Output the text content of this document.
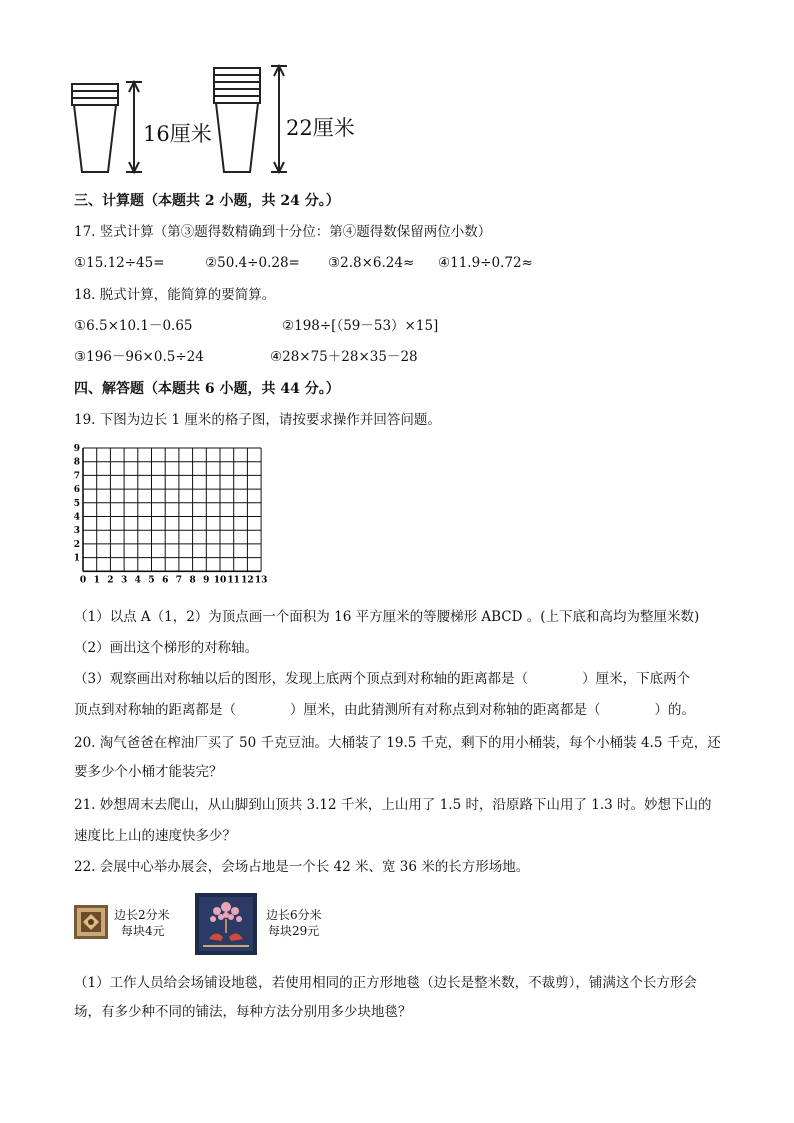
16厘米	22厘米
三、计算题（本题共 2 小题，共 24 分。）
17. 竖式计算（第③题得数精确到十分位：第④题得数保留两位小数）
①15.12÷45=	②50.4÷0.28= ③2.8×6.24≈ ④11.9÷0.72≈
18. 脱式计算，能简算的要简算。
①6.5×10.1－0.65	②198÷[（59－53）×15]
③196－96×0.5÷24	④28×75＋28×35－28
四、解答题（本题共 6 小题，共 44 分。）
19. 下图为边长 1 厘米的格子图，请按要求操作并回答问题。
0 1 2 3 4 5 6 7 8 9 10 11 12 13
1
2
3
4
5
6
7
8
9
（1）以点 A（1，2）为顶点画一个面积为 16 平方厘米的等腰梯形 ABCD 。(上下底和高均为整厘米数)
（2）画出这个梯形的对称轴。
（3）观察画出对称轴以后的图形，发现上底两个顶点到对称轴的距离都是（　　　　）厘米，下底两个
顶点到对称轴的距离都是（　　　　）厘米，由此猜测所有对称点到对称轴的距离都是（　　　　）的。
20. 淘气爸爸在榨油厂买了 50 千克豆油。大桶装了 19.5 千克，剩下的用小桶装，每个小桶装 4.5 千克，还
要多少个小桶才能装完？
21. 妙想周末去爬山，从山脚到山顶共 3.12 千米，上山用了 1.5 时，沿原路下山用了 1.3 时。妙想下山的
速度比上山的速度快多少？
22. 会展中心举办展会，会场占地是一个长 42 米、宽 36 米的长方形场地。
边长2分米
每块4元
边长6分米
每块29元
（1）工作人员给会场铺设地毯，若使用相同的正方形地毯（边长是整米数，不裁剪），铺满这个长方形会
场，有多少种不同的铺法，每种方法分别用多少块地毯？
